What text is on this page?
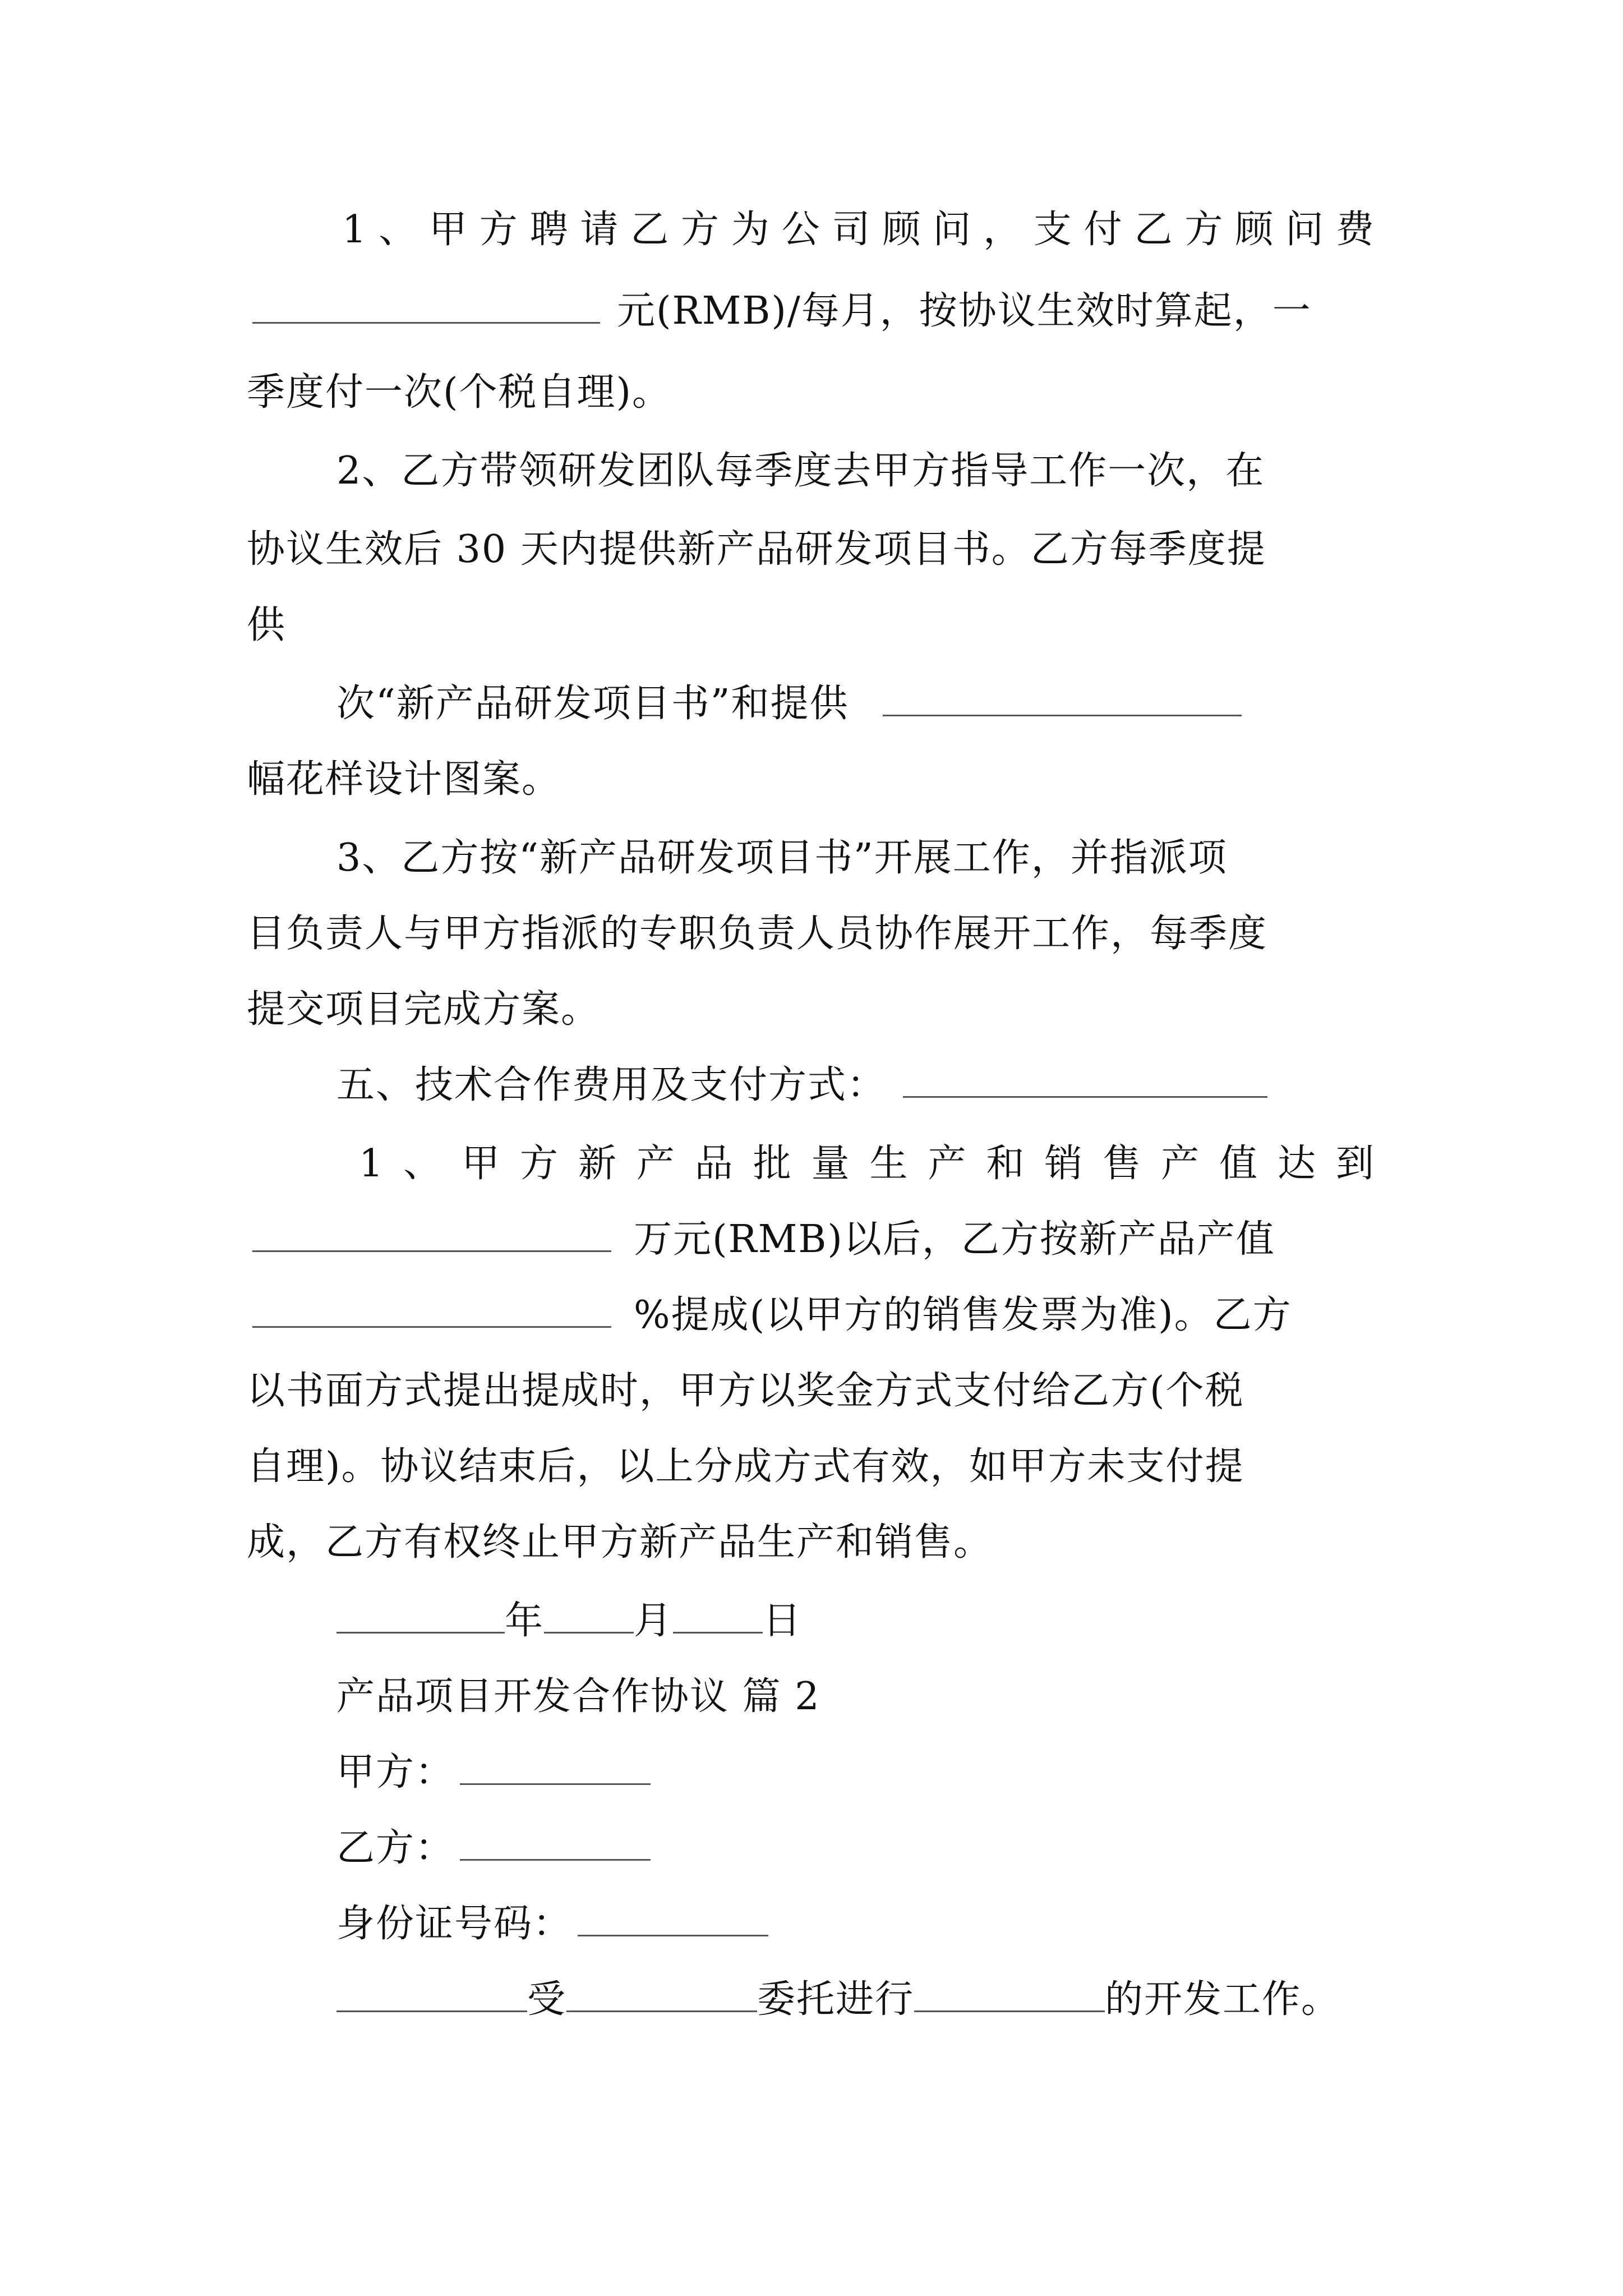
1 、 甲 方 聘 请 乙 方 为 公 司 顾 问 ， 支 付 乙 方 顾 问 费
元(RMB)/每月，按协议生效时算起，一
季度付一次(个税自理)。
2、乙方带领研发团队每季度去甲方指导工作一次，在
协议生效后 30 天内提供新产品研发项目书。乙方每季度提
供
次“新产品研发项目书”和提供
幅花样设计图案。
3、乙方按“新产品研发项目书”开展工作，并指派项
目负责人与甲方指派的专职负责人员协作展开工作，每季度
提交项目完成方案。
五、技术合作费用及支付方式：
1 、 甲 方 新 产 品 批 量 生 产 和 销 售 产 值 达 到
万元(RMB)以后，乙方按新产品产值
%提成(以甲方的销售发票为准)。乙方
以书面方式提出提成时，甲方以奖金方式支付给乙方(个税
自理)。协议结束后，以上分成方式有效，如甲方未支付提
成，乙方有权终止甲方新产品生产和销售。
年 月 日
产品项目开发合作协议 篇 2
甲方：
乙方：
身份证号码：
受	委托进行	的开发工作。
